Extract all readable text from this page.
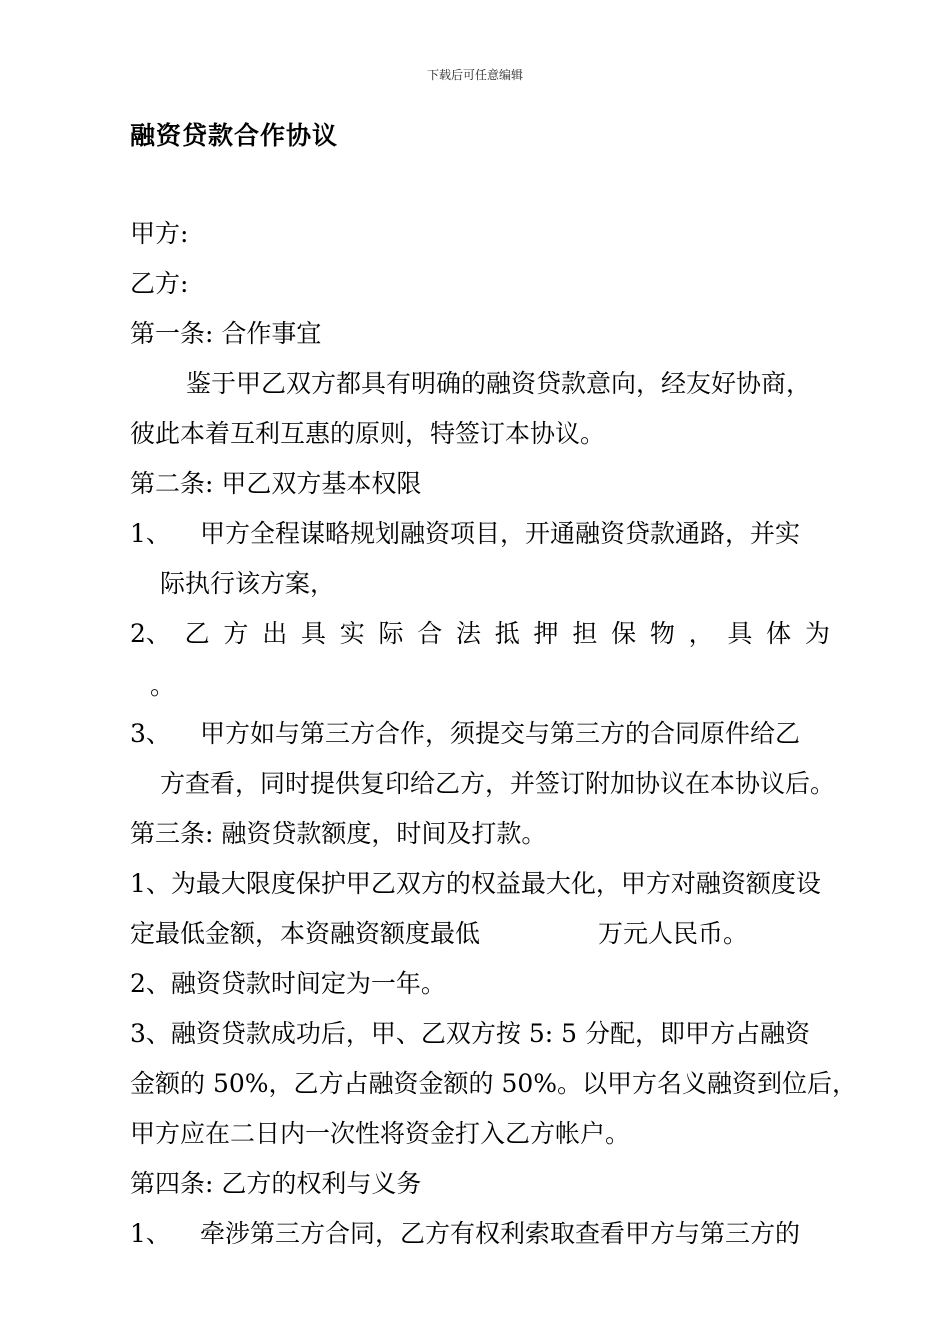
下载后可任意编辑
融资贷款合作协议
甲方:
乙方:
第一条: 合作事宜
鉴于甲乙双方都具有明确的融资贷款意向，经友好协商，
彼此本着互利互惠的原则，特签订本协议。
第二条: 甲乙双方基本权限
1、 甲方全程谋略规划融资项目，开通融资贷款通路，并实
际执行该方案，
2、 乙 方 出 具 实 际 合 法 抵 押 担 保 物 ， 具 体 为
。
3、 甲方如与第三方合作，须提交与第三方的合同原件给乙
方查看，同时提供复印给乙方，并签订附加协议在本协议后。
第三条: 融资贷款额度，时间及打款。
1、为最大限度保护甲乙双方的权益最大化，甲方对融资额度设
定最低金额，本资融资额度最低	万元人民币。
2、融资贷款时间定为一年。
3、融资贷款成功后，甲、乙双方按 5: 5 分配，即甲方占融资
金额的 50%，乙方占融资金额的 50%。以甲方名义融资到位后，
甲方应在二日内一次性将资金打入乙方帐户。
第四条: 乙方的权利与义务
1、 牵涉第三方合同，乙方有权利索取查看甲方与第三方的
